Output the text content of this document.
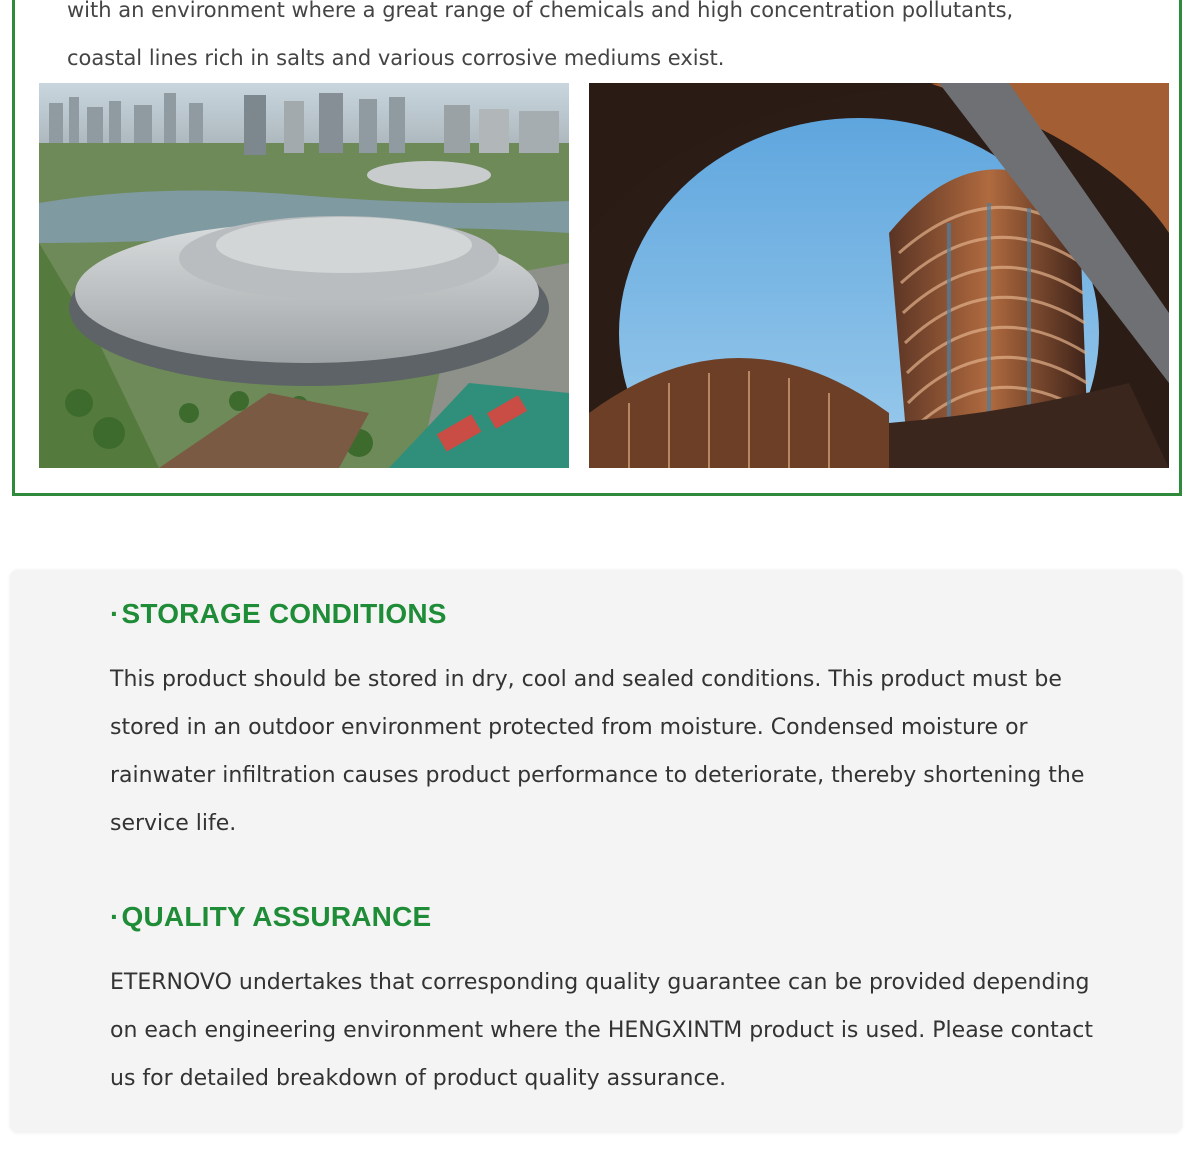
with an environment where a great range of chemicals and high concentration pollutants,
coastal lines rich in salts and various corrosive mediums exist.

·STORAGE CONDITIONS

This product should be stored in dry, cool and sealed conditions. This product must be stored in an outdoor environment protected from moisture. Condensed moisture or rainwater infiltration causes product performance to deteriorate, thereby shortening the service life.

·QUALITY ASSURANCE

ETERNOVO undertakes that corresponding quality guarantee can be provided depending on each engineering environment where the HENGXINTM product is used. Please contact us for detailed breakdown of product quality assurance.
